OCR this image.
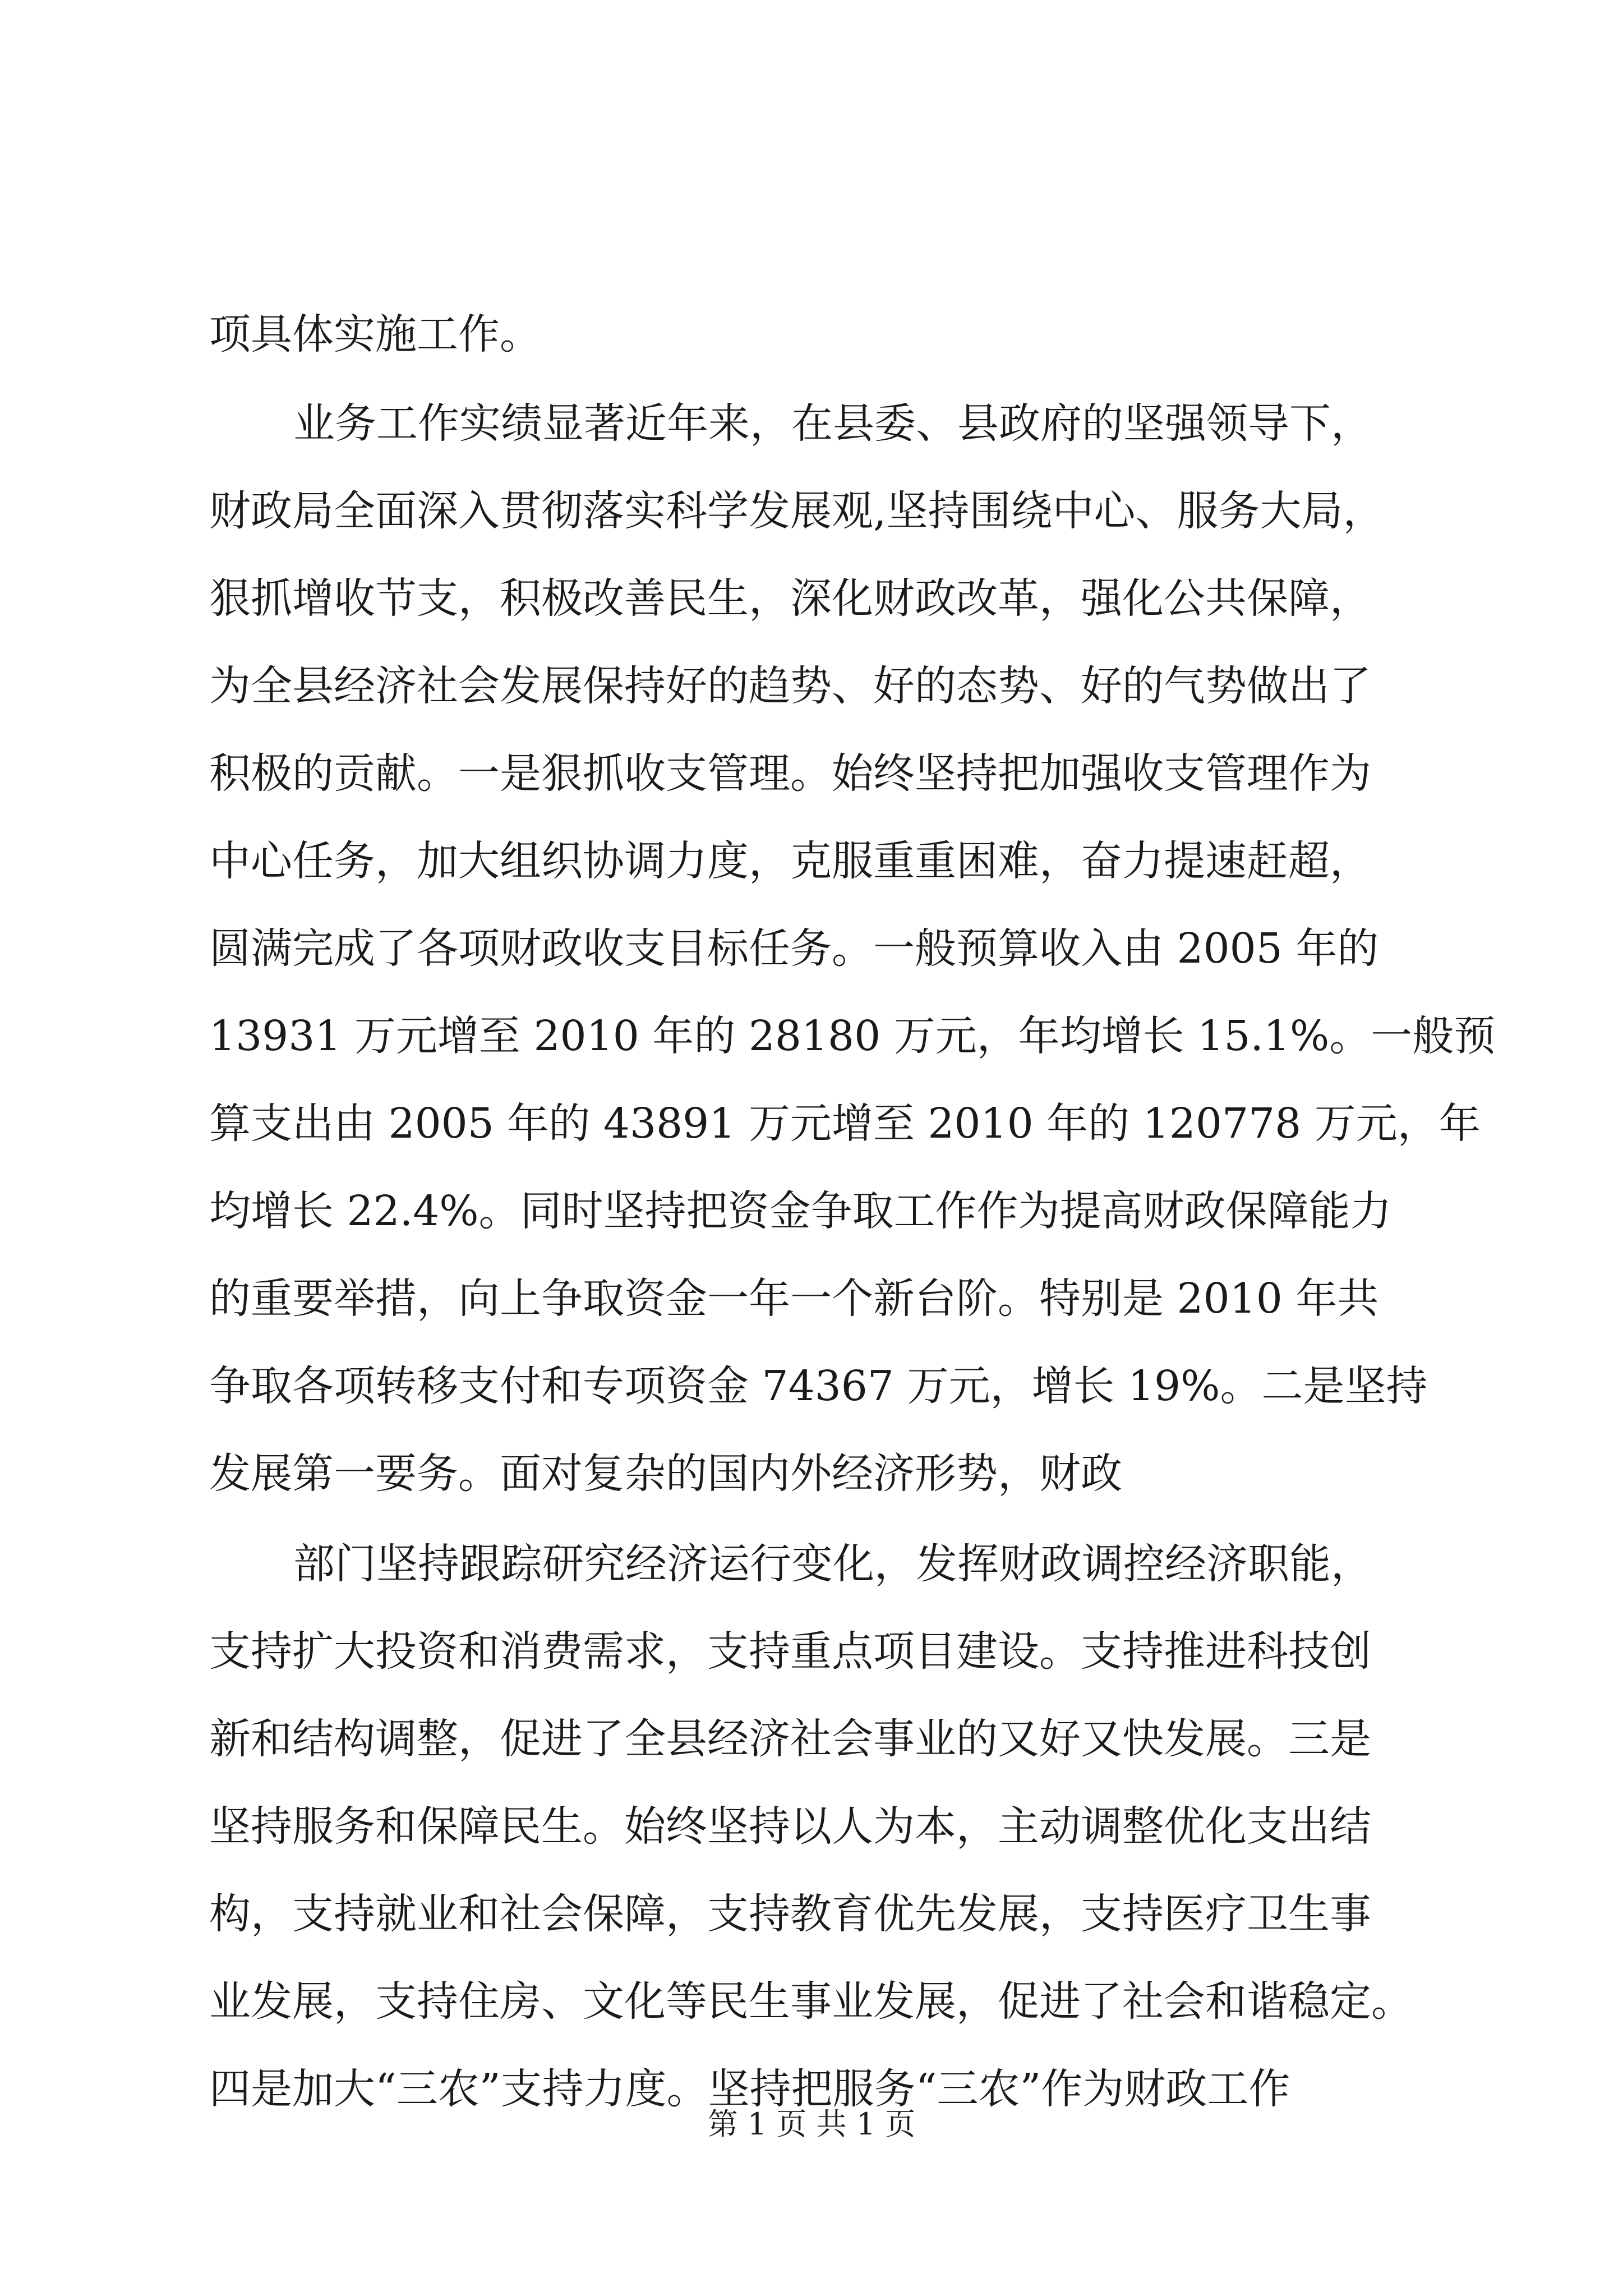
项具体实施工作。
业务工作实绩显著近年来，在县委、县政府的坚强领导下，
财政局全面深入贯彻落实科学发展观,坚持围绕中心、服务大局，
狠抓增收节支，积极改善民生，深化财政改革，强化公共保障，
为全县经济社会发展保持好的趋势、好的态势、好的气势做出了
积极的贡献。一是狠抓收支管理。始终坚持把加强收支管理作为
中心任务，加大组织协调力度，克服重重困难，奋力提速赶超，
圆满完成了各项财政收支目标任务。一般预算收入由 2005 年的
13931 万元增至 2010 年的 28180 万元，年均增长 15.1%。一般预
算支出由 2005 年的 43891 万元增至 2010 年的 120778 万元，年
均增长 22.4%。同时坚持把资金争取工作作为提高财政保障能力
的重要举措，向上争取资金一年一个新台阶。特别是 2010 年共
争取各项转移支付和专项资金 74367 万元，增长 19%。二是坚持
发展第一要务。面对复杂的国内外经济形势，财政
部门坚持跟踪研究经济运行变化，发挥财政调控经济职能，
支持扩大投资和消费需求，支持重点项目建设。支持推进科技创
新和结构调整，促进了全县经济社会事业的又好又快发展。三是
坚持服务和保障民生。始终坚持以人为本，主动调整优化支出结
构，支持就业和社会保障，支持教育优先发展，支持医疗卫生事
业发展，支持住房、文化等民生事业发展，促进了社会和谐稳定。
四是加大“三农”支持力度。坚持把服务“三农”作为财政工作
第 1 页 共 1 页
